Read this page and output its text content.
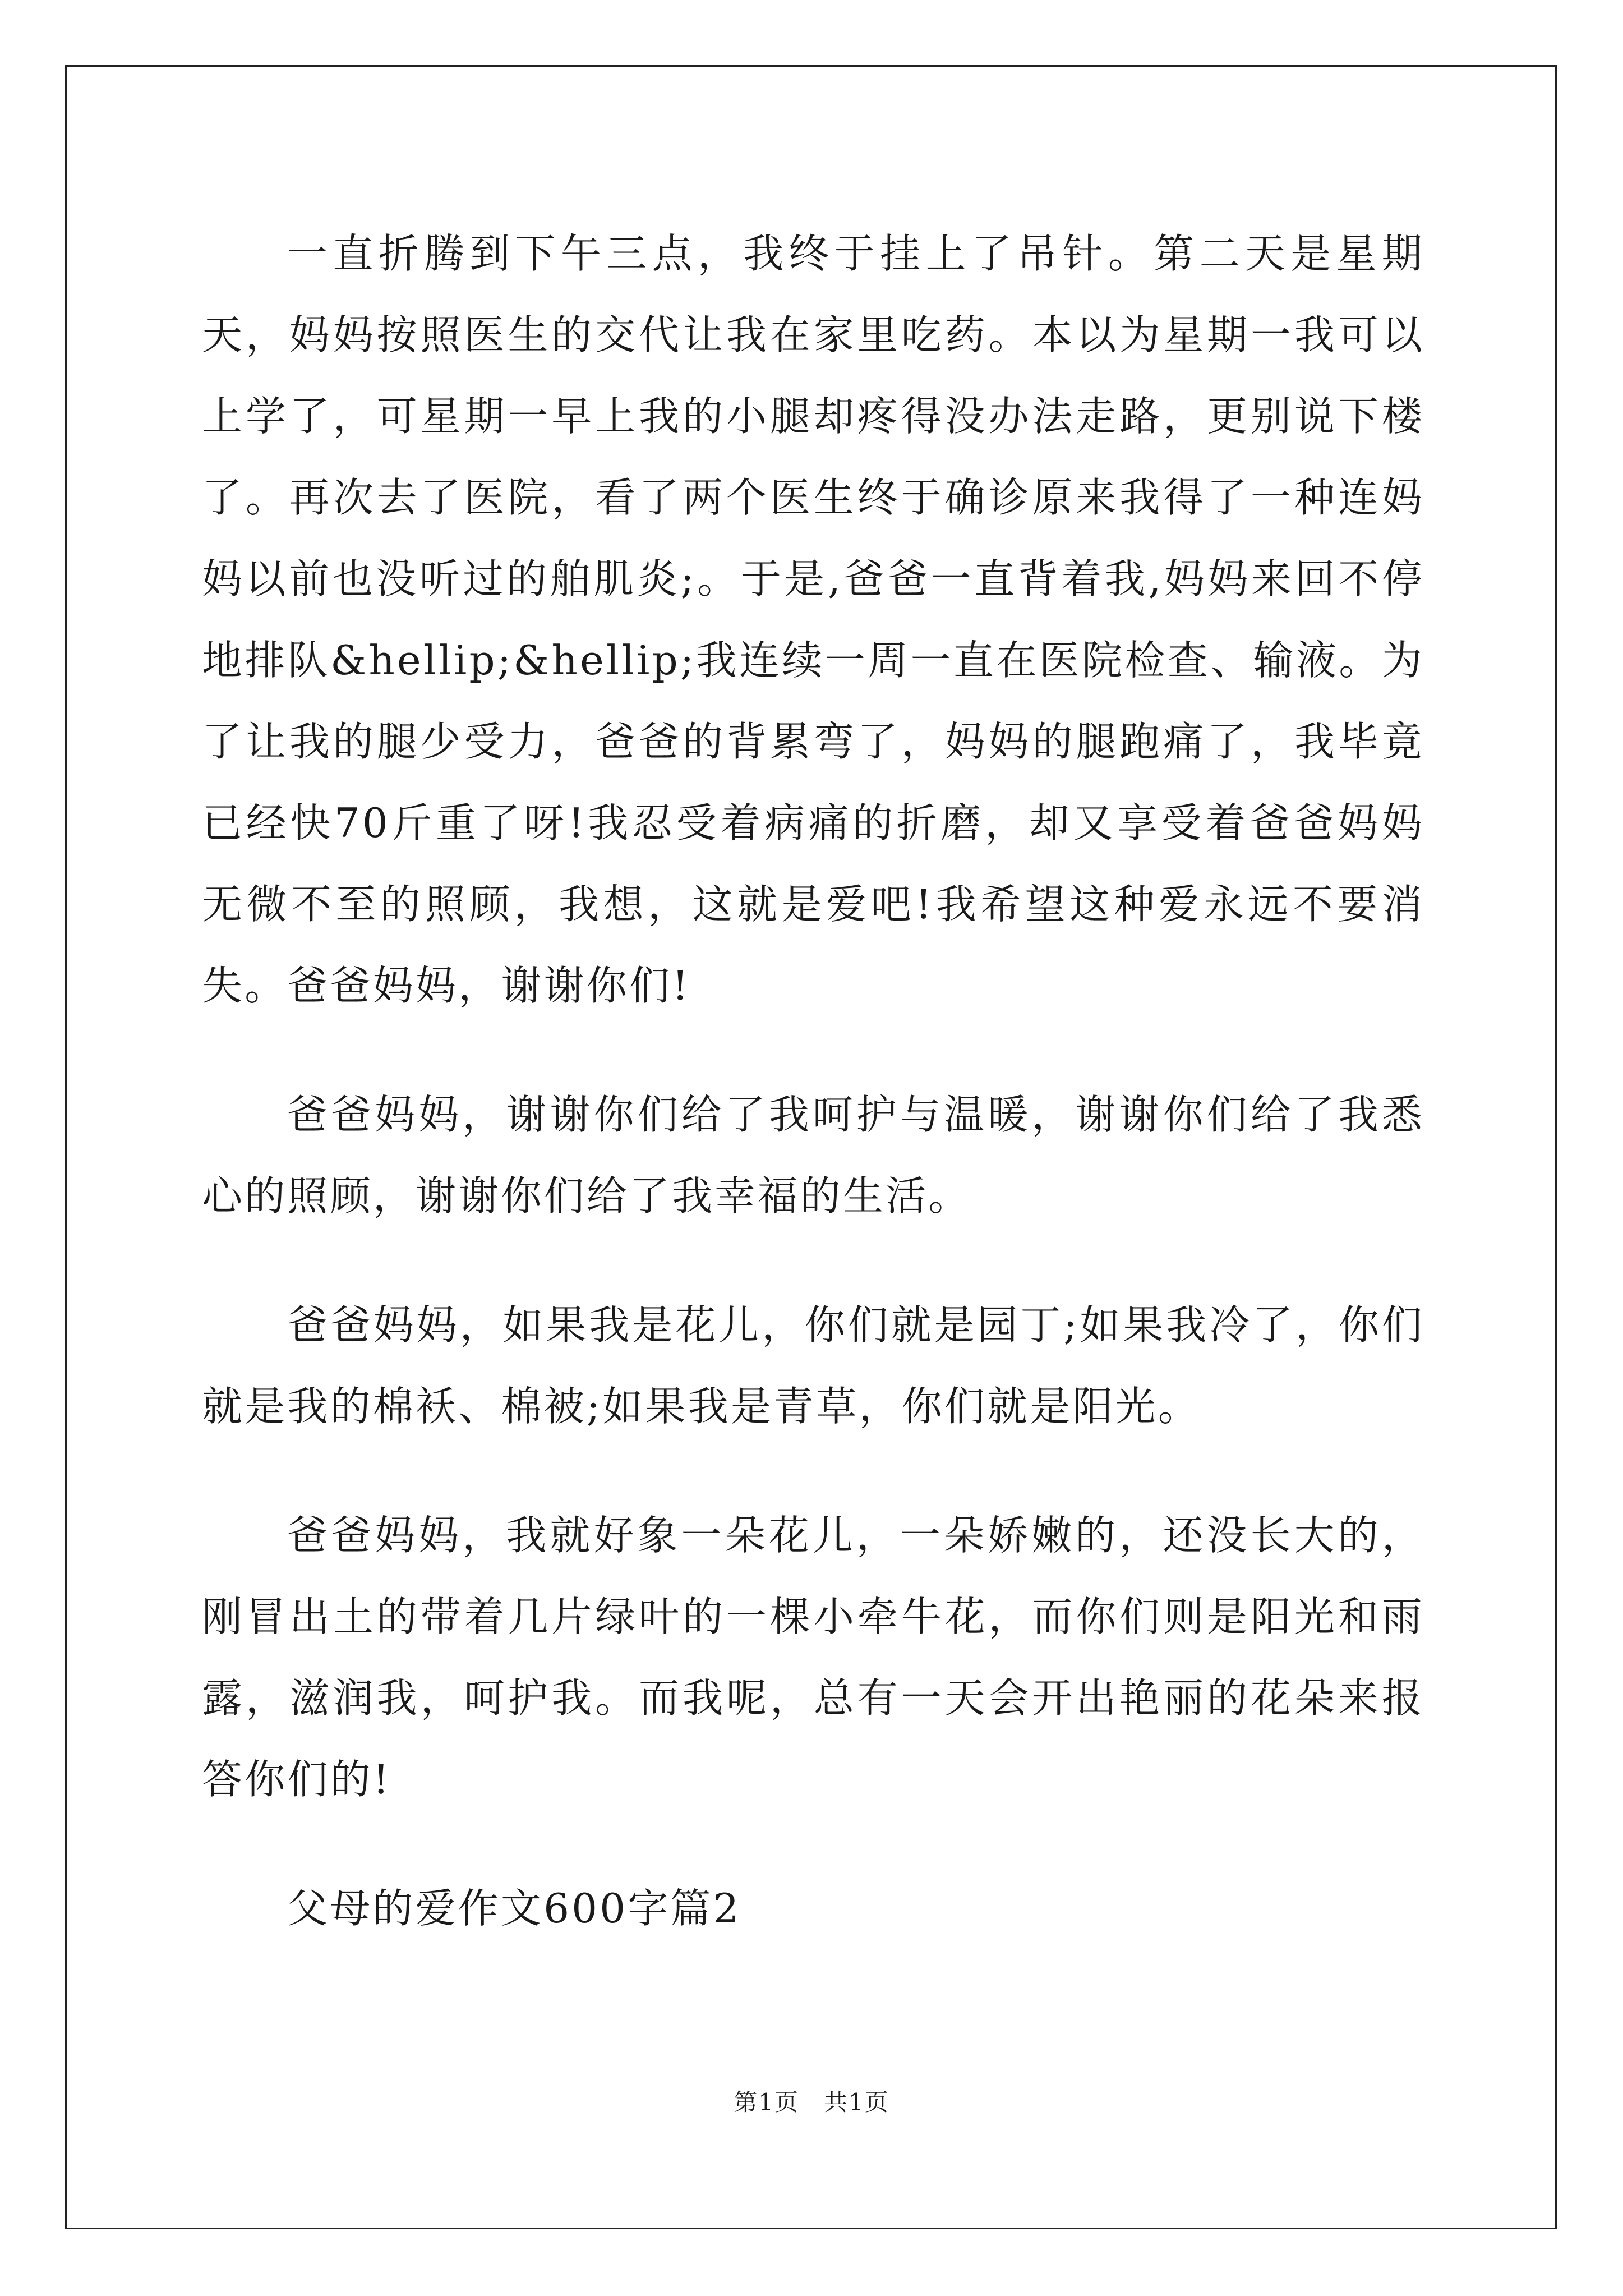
一直折腾到下午三点，我终于挂上了吊针。第二天是星期天，妈妈按照医生的交代让我在家里吃药。本以为星期一我可以上学了，可星期一早上我的小腿却疼得没办法走路，更别说下楼了。再次去了医院，看了两个医生终于确诊原来我得了一种连妈妈以前也没听过的舶肌炎;。于是,爸爸一直背着我,妈妈来回不停地排队&hellip;&hellip;我连续一周一直在医院检查、输液。为了让我的腿少受力，爸爸的背累弯了，妈妈的腿跑痛了，我毕竟已经快70斤重了呀!我忍受着病痛的折磨，却又享受着爸爸妈妈无微不至的照顾，我想，这就是爱吧!我希望这种爱永远不要消失。爸爸妈妈，谢谢你们!

爸爸妈妈，谢谢你们给了我呵护与温暖，谢谢你们给了我悉心的照顾，谢谢你们给了我幸福的生活。

爸爸妈妈，如果我是花儿，你们就是园丁;如果我冷了，你们就是我的棉袄、棉被;如果我是青草，你们就是阳光。

爸爸妈妈，我就好象一朵花儿，一朵娇嫩的，还没长大的，刚冒出土的带着几片绿叶的一棵小牵牛花，而你们则是阳光和雨露，滋润我，呵护我。而我呢，总有一天会开出艳丽的花朵来报答你们的!

父母的爱作文600字篇2

第1页　共1页
